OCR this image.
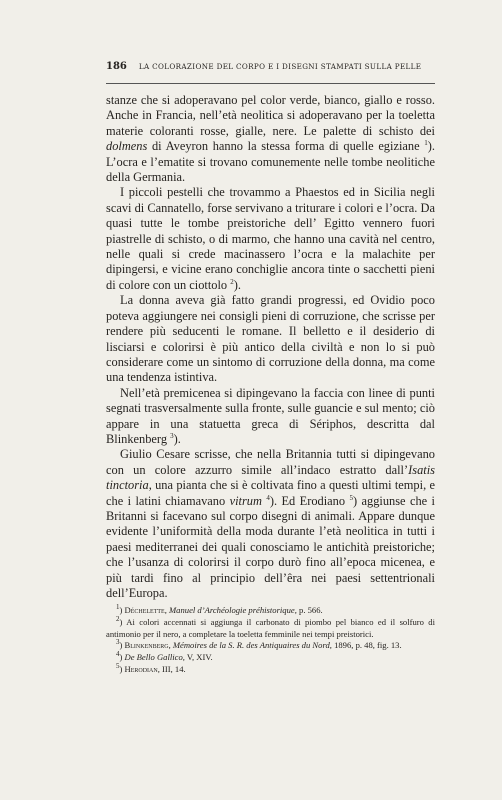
186 LA COLORAZIONE DEL CORPO E I DISEGNI STAMPATI SULLA PELLE

stanze che si adoperavano pel color verde, bianco, giallo e rosso. Anche in Francia, nell’età neolitica si adoperavano per la toeletta materie coloranti rosse, gialle, nere. Le palette di schisto dei dolmens di Aveyron hanno la stessa forma di quelle egiziane $^1$). L’ocra e l’ematite si trovano comunemente nelle tombe neolitiche della Germania.

I piccoli pestelli che trovammo a Phaestos ed in Sicilia negli scavi di Cannatello, forse servivano a triturare i colori e l’ocra. Da quasi tutte le tombe preistoriche dell’ Egitto vennero fuori piastrelle di schisto, o di marmo, che hanno una cavità nel centro, nelle quali si crede macinassero l’ocra e la malachite per dipingersi, e vicine erano conchiglie ancora tinte o sacchetti pieni di colore con un ciottolo $^2$).

La donna aveva già fatto grandi progressi, ed Ovidio poco poteva aggiungere nei consigli pieni di corruzione, che scrisse per rendere più seducenti le romane. Il belletto e il desiderio di lisciarsi e colorirsi è più antico della civiltà e non lo si può considerare come un sintomo di corruzione della donna, ma come una tendenza istintiva.

Nell’età premicenea si dipingevano la faccia con linee di punti segnati trasversalmente sulla fronte, sulle guancie e sul mento; ciò appare in una statuetta greca di Sériphos, descritta dal Blinkenberg $^3$).

Giulio Cesare scrisse, che nella Britannia tutti si dipingevano con un colore azzurro simile all’indaco estratto dall’Isatis tinctoria, una pianta che si è coltivata fino a questi ultimi tempi, e che i latini chiamavano vitrum $^4$). Ed Erodiano $^5$) aggiunse che i Britanni si facevano sul corpo disegni di animali. Appare dunque evidente l’uniformità della moda durante l’età neolitica in tutti i paesi mediterranei dei quali conosciamo le antichità preistoriche; che l’usanza di colorirsi il corpo durò fino all’epoca micenea, e più tardi fino al principio dell’êra nei paesi settentrionali dell’Europa.

$^1$) Déchelette, Manuel d’Archéologie préhistorique, p. 566.

$^2$) Ai colori accennati si aggiunga il carbonato di piombo pel bianco ed il solfuro di antimonio per il nero, a completare la toeletta femminile nei tempi preistorici.

$^3$) Blinkenberg, Mémoires de la S. R. des Antiquaires du Nord, 1896, p. 48, fig. 13.

$^4$) De Bello Gallico, V, XIV.

$^5$) Herodian, III, 14.
